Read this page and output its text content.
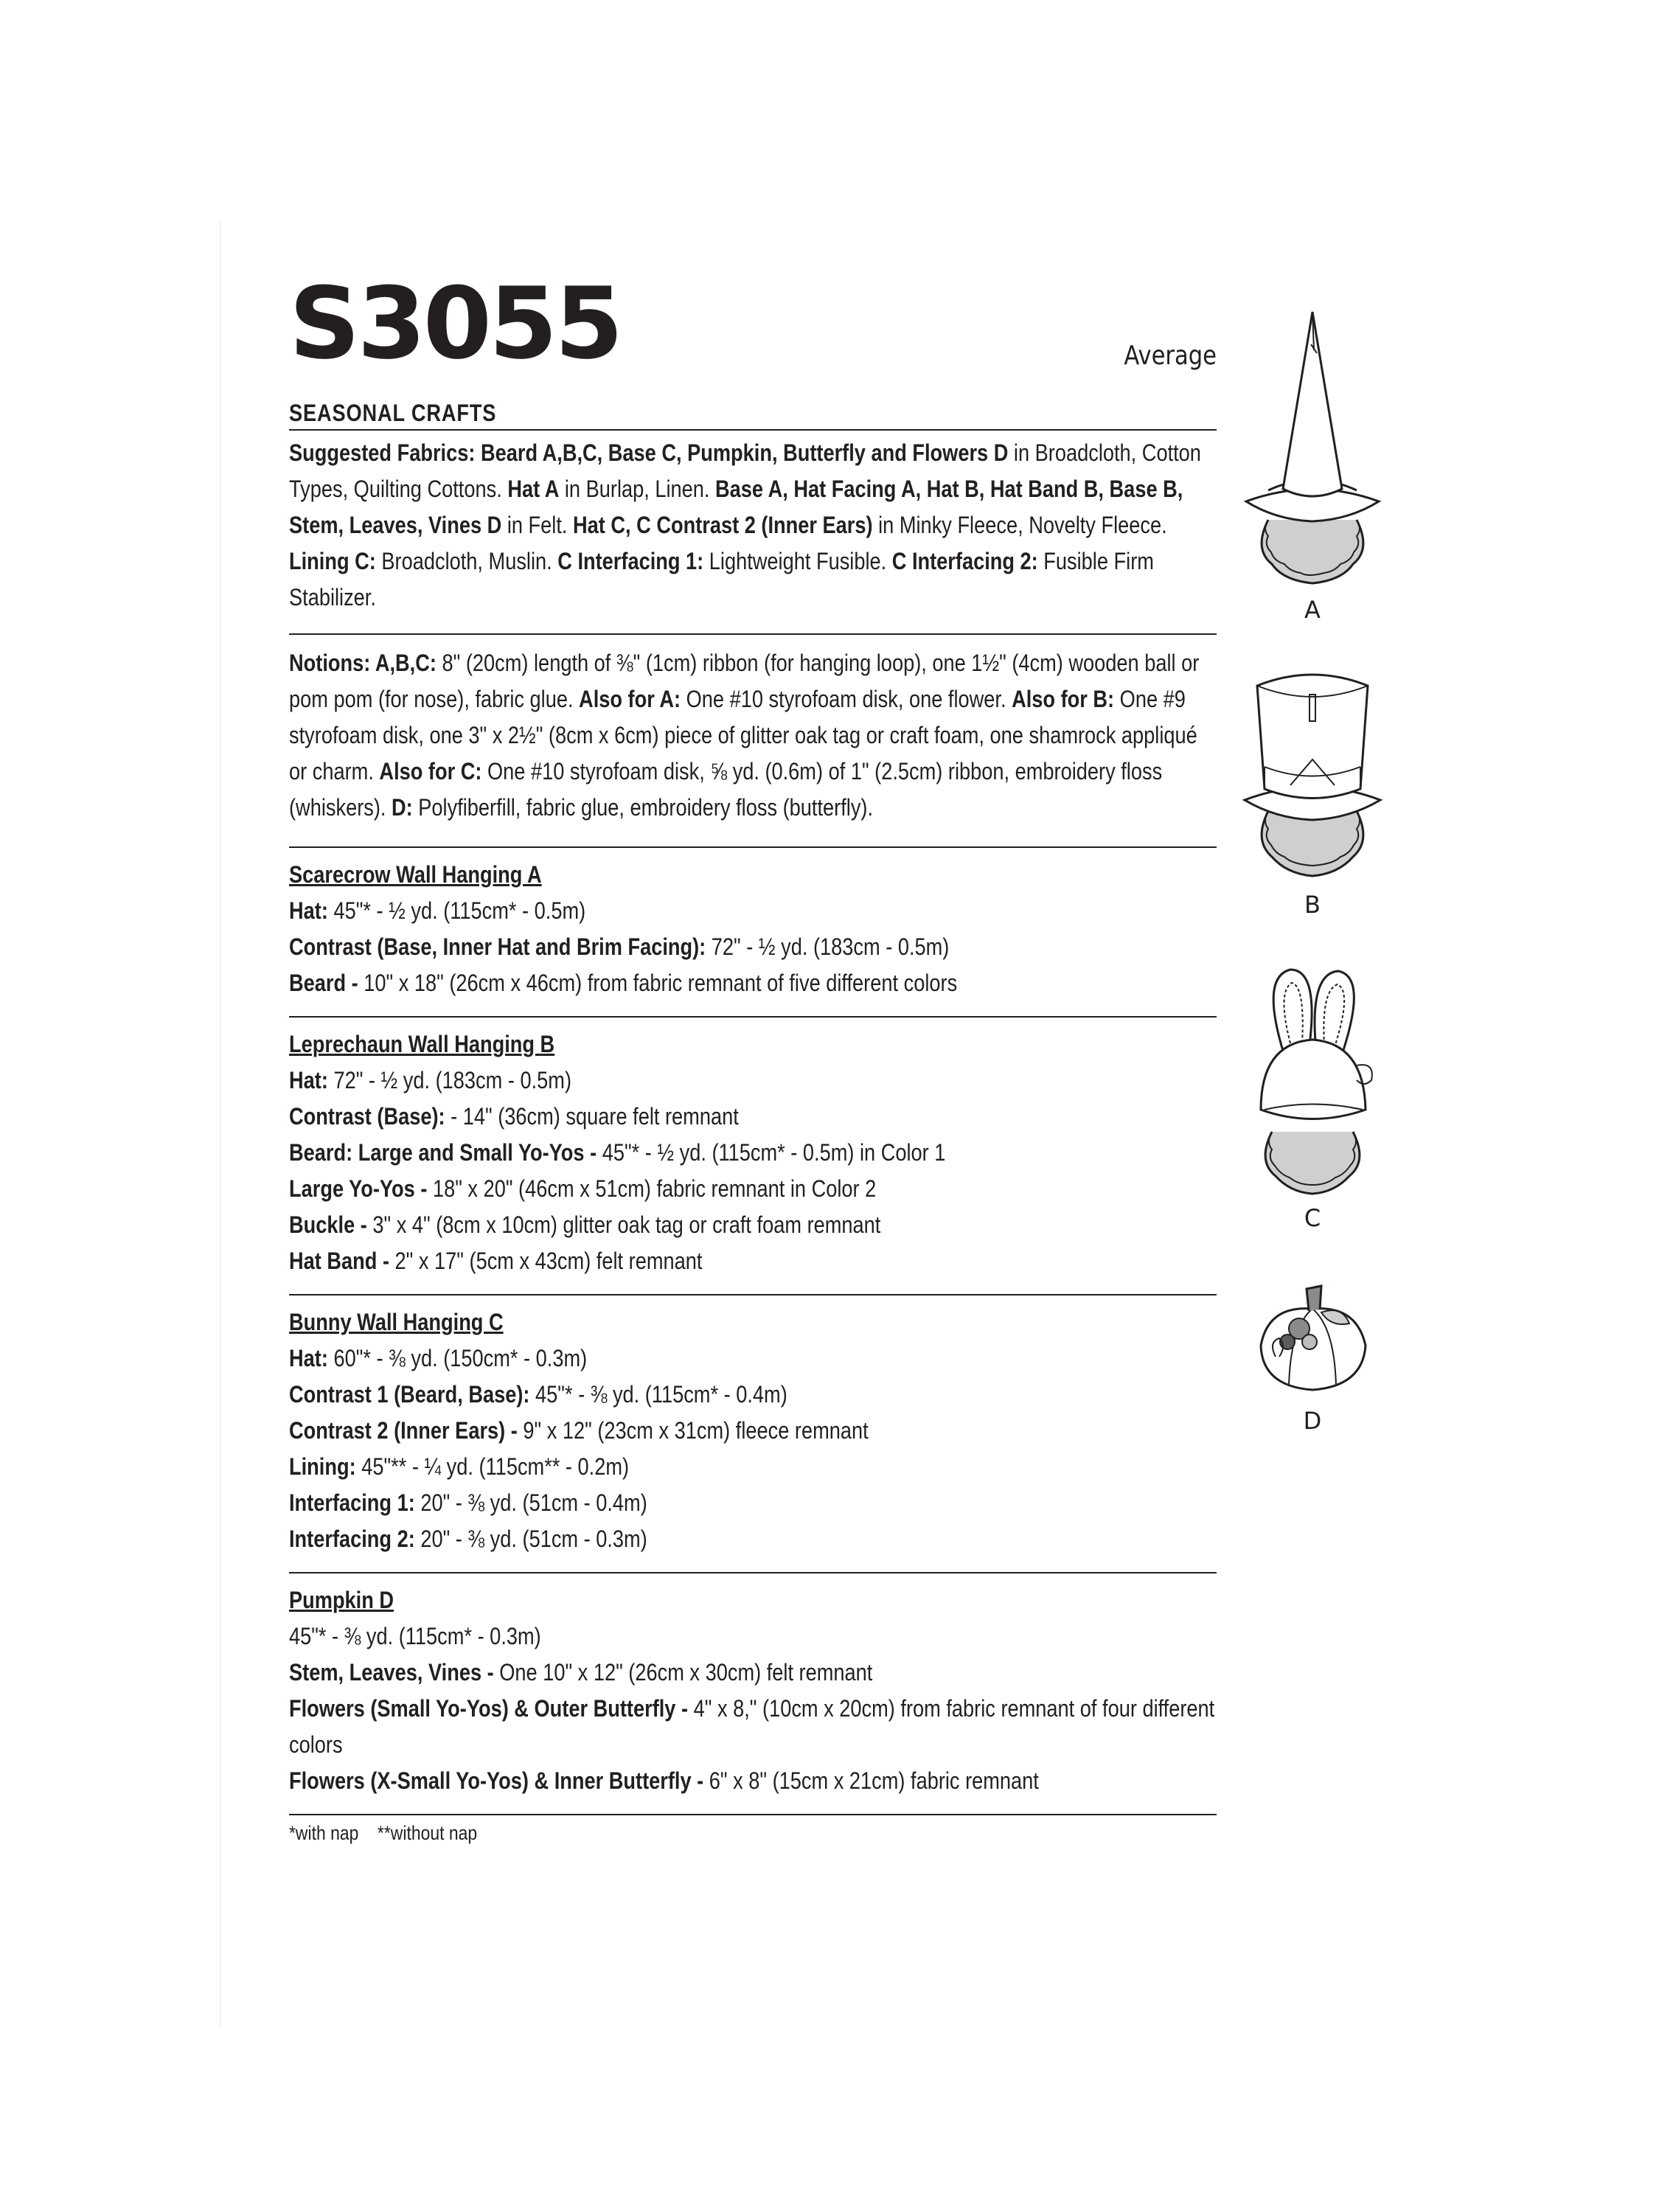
S3055	Average
SEASONAL CRAFTS

Suggested Fabrics: Beard A,B,C, Base C, Pumpkin, Butterfly and Flowers D in Broadcloth, Cotton Types, Quilting Cottons. Hat A in Burlap, Linen. Base A, Hat Facing A, Hat B, Hat Band B, Base B, Stem, Leaves, Vines D in Felt. Hat C, C Contrast 2 (Inner Ears) in Minky Fleece, Novelty Fleece. Lining C: Broadcloth, Muslin. C Interfacing 1: Lightweight Fusible. C Interfacing 2: Fusible Firm Stabilizer.

Notions: A,B,C: 8" (20cm) length of ⅜" (1cm) ribbon (for hanging loop), one 1½" (4cm) wooden ball or pom pom (for nose), fabric glue. Also for A: One #10 styrofoam disk, one flower. Also for B: One #9 styrofoam disk, one 3" x 2½" (8cm x 6cm) piece of glitter oak tag or craft foam, one shamrock appliqué or charm. Also for C: One #10 styrofoam disk, ⅝ yd. (0.6m) of 1" (2.5cm) ribbon, embroidery floss (whiskers). D: Polyfiberfill, fabric glue, embroidery floss (butterfly).

Scarecrow Wall Hanging A

Hat: 45"* - ½ yd. (115cm* - 0.5m)

Contrast (Base, Inner Hat and Brim Facing): 72" - ½ yd. (183cm - 0.5m)

Beard - 10" x 18" (26cm x 46cm) from fabric remnant of five different colors

Leprechaun Wall Hanging B

Hat: 72" - ½ yd. (183cm - 0.5m)

Contrast (Base): - 14" (36cm) square felt remnant

Beard: Large and Small Yo-Yos - 45"* - ½ yd. (115cm* - 0.5m) in Color 1

Large Yo-Yos - 18" x 20" (46cm x 51cm) fabric remnant in Color 2

Buckle - 3" x 4" (8cm x 10cm) glitter oak tag or craft foam remnant

Hat Band - 2" x 17" (5cm x 43cm) felt remnant

Bunny Wall Hanging C

Hat: 60"* - ⅜ yd. (150cm* - 0.3m)

Contrast 1 (Beard, Base): 45"* - ⅜ yd. (115cm* - 0.4m)

Contrast 2 (Inner Ears) - 9" x 12" (23cm x 31cm) fleece remnant

Lining: 45"** - ¼ yd. (115cm** - 0.2m)

Interfacing 1: 20" - ⅜ yd. (51cm - 0.4m)

Interfacing 2: 20" - ⅜ yd. (51cm - 0.3m)

Pumpkin D

45"* - ⅜ yd. (115cm* - 0.3m)

Stem, Leaves, Vines - One 10" x 12" (26cm x 30cm) felt remnant

Flowers (Small Yo-Yos) & Outer Butterfly - 4" x 8," (10cm x 20cm) from fabric remnant of four different colors

Flowers (X-Small Yo-Yos) & Inner Butterfly - 6" x 8" (15cm x 21cm) fabric remnant

*with nap    **without nap

A
B
C
D
